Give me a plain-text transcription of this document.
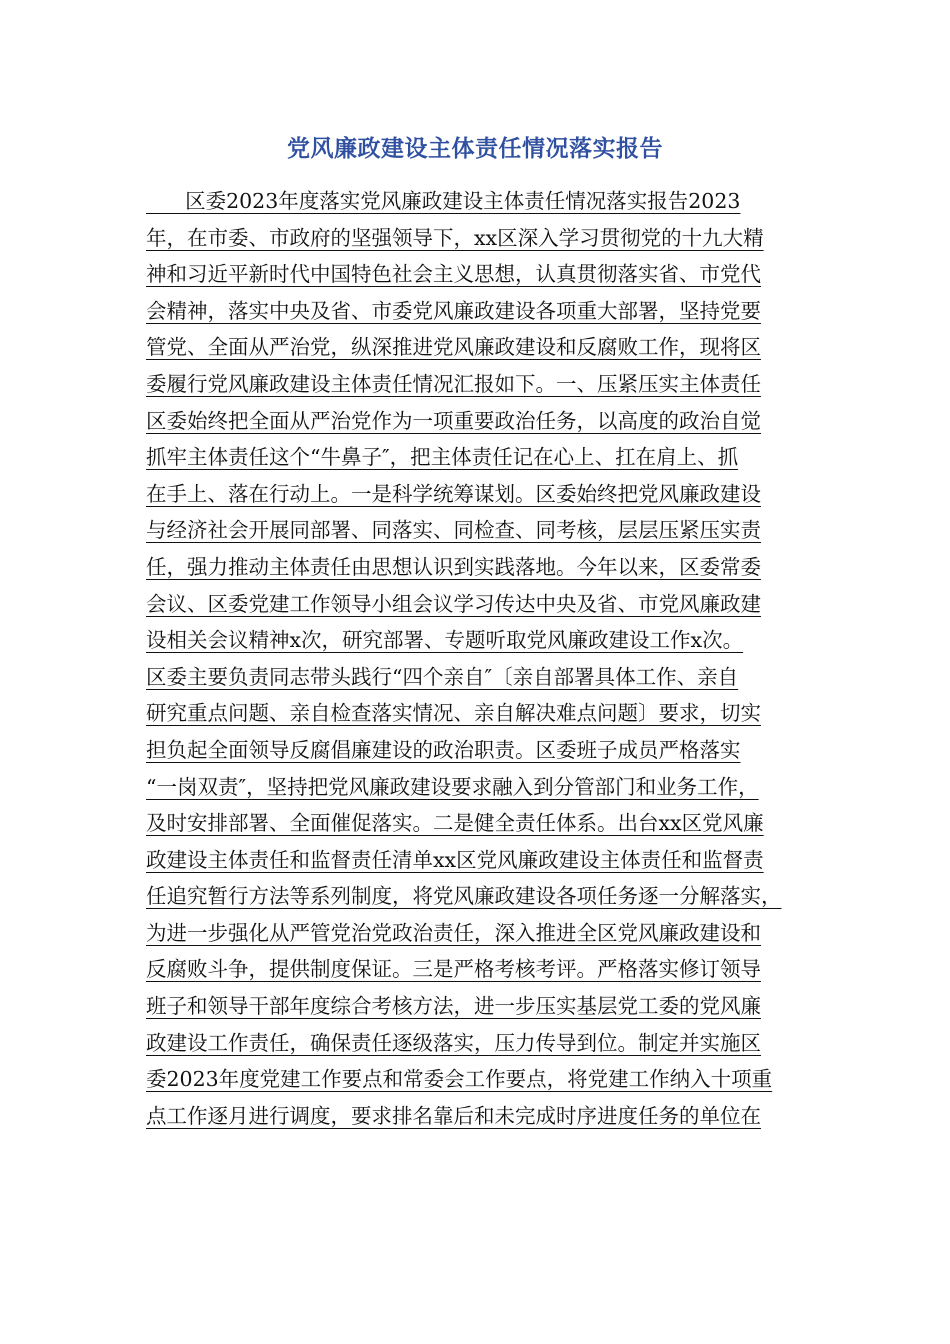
党风廉政建设主体责任情况落实报告
区委2023年度落实党风廉政建设主体责任情况落实报告2023
年，在市委、市政府的坚强领导下，xx区深入学习贯彻党的十九大精
神和习近平新时代中国特色社会主义思想，认真贯彻落实省、市党代
会精神，落实中央及省、市委党风廉政建设各项重大部署，坚持党要
管党、全面从严治党，纵深推进党风廉政建设和反腐败工作，现将区
委履行党风廉政建设主体责任情况汇报如下。一、压紧压实主体责任
区委始终把全面从严治党作为一项重要政治任务，以高度的政治自觉
抓牢主体责任这个“牛鼻子″，把主体责任记在心上、扛在肩上、抓
在手上、落在行动上。一是科学统筹谋划。区委始终把党风廉政建设
与经济社会开展同部署、同落实、同检查、同考核，层层压紧压实责
任，强力推动主体责任由思想认识到实践落地。今年以来，区委常委
会议、区委党建工作领导小组会议学习传达中央及省、市党风廉政建
设相关会议精神x次，研究部署、专题听取党风廉政建设工作x次。
区委主要负责同志带头践行“四个亲自″〔亲自部署具体工作、亲自
研究重点问题、亲自检查落实情况、亲自解决难点问题〕要求，切实
担负起全面领导反腐倡廉建设的政治职责。区委班子成员严格落实
“一岗双责″，坚持把党风廉政建设要求融入到分管部门和业务工作，
及时安排部署、全面催促落实。二是健全责任体系。出台xx区党风廉
政建设主体责任和监督责任清单xx区党风廉政建设主体责任和监督责
任追究暂行方法等系列制度，将党风廉政建设各项任务逐一分解落实，
为进一步强化从严管党治党政治责任，深入推进全区党风廉政建设和
反腐败斗争，提供制度保证。三是严格考核考评。严格落实修订领导
班子和领导干部年度综合考核方法，进一步压实基层党工委的党风廉
政建设工作责任，确保责任逐级落实，压力传导到位。制定并实施区
委2023年度党建工作要点和常委会工作要点，将党建工作纳入十项重
点工作逐月进行调度，要求排名靠后和未完成时序进度任务的单位在
